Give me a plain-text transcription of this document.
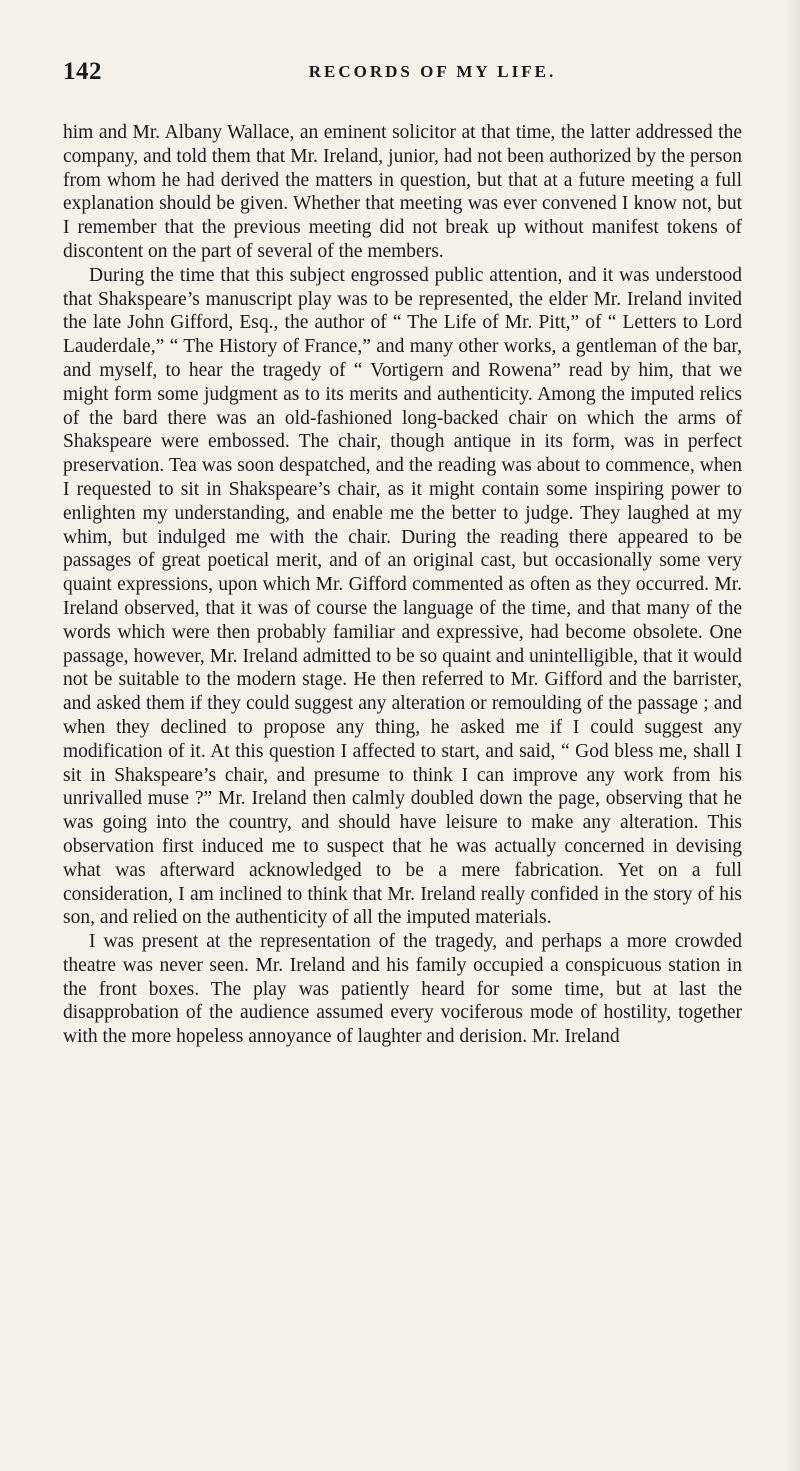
142	RECORDS OF MY LIFE.

him and Mr. Albany Wallace, an eminent solicitor at that time, the latter addressed the company, and told them that Mr. Ireland, junior, had not been authorized by the person from whom he had derived the matters in question, but that at a future meeting a full explanation should be given. Whether that meeting was ever convened I know not, but I remember that the previous meeting did not break up without manifest tokens of discontent on the part of several of the members.

During the time that this subject engrossed public attention, and it was understood that Shakspeare’s manuscript play was to be represented, the elder Mr. Ireland invited the late John Gifford, Esq., the author of “ The Life of Mr. Pitt,” of “ Letters to Lord Lauderdale,” “ The History of France,” and many other works, a gentleman of the bar, and myself, to hear the tragedy of “ Vortigern and Rowena” read by him, that we might form some judgment as to its merits and authenticity. Among the imputed relics of the bard there was an old-fashioned long-backed chair on which the arms of Shakspeare were embossed. The chair, though antique in its form, was in perfect preservation. Tea was soon despatched, and the reading was about to commence, when I requested to sit in Shakspeare’s chair, as it might contain some inspiring power to enlighten my understanding, and enable me the better to judge. They laughed at my whim, but indulged me with the chair. During the reading there appeared to be passages of great poetical merit, and of an original cast, but occasionally some very quaint expressions, upon which Mr. Gifford commented as often as they occurred. Mr. Ireland observed, that it was of course the language of the time, and that many of the words which were then probably familiar and expressive, had become obsolete. One passage, however, Mr. Ireland admitted to be so quaint and unintelligible, that it would not be suitable to the modern stage. He then referred to Mr. Gifford and the barrister, and asked them if they could suggest any alteration or remoulding of the passage ; and when they declined to propose any thing, he asked me if I could suggest any modification of it. At this question I affected to start, and said, “ God bless me, shall I sit in Shakspeare’s chair, and presume to think I can improve any work from his unrivalled muse ?” Mr. Ireland then calmly doubled down the page, observing that he was going into the country, and should have leisure to make any alteration. This observation first induced me to suspect that he was actually concerned in devising what was afterward acknowledged to be a mere fabrication. Yet on a full consideration, I am inclined to think that Mr. Ireland really confided in the story of his son, and relied on the authenticity of all the imputed materials.

I was present at the representation of the tragedy, and perhaps a more crowded theatre was never seen. Mr. Ireland and his family occupied a conspicuous station in the front boxes. The play was patiently heard for some time, but at last the disapprobation of the audience assumed every vociferous mode of hostility, together with the more hopeless annoyance of laughter and derision. Mr. Ireland
